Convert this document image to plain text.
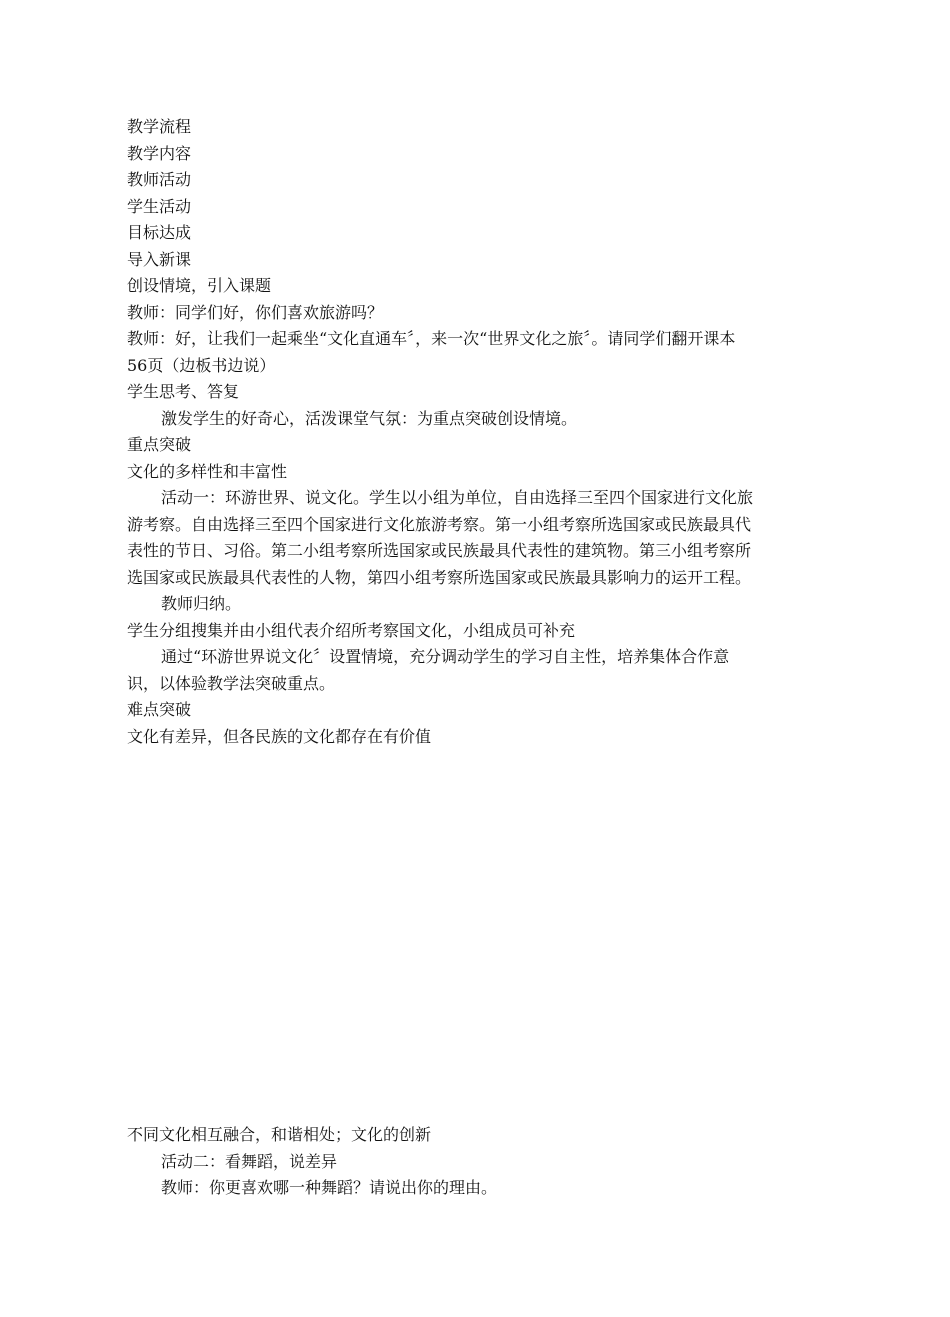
教学流程
教学内容
教师活动
学生活动
目标达成
导入新课
创设情境，引入课题
教师：同学们好，你们喜欢旅游吗？
教师：好，让我们一起乘坐“文化直通车〞，来一次“世界文化之旅〞。请同学们翻开课本
56页（边板书边说）
学生思考、答复
激发学生的好奇心，活泼课堂气氛：为重点突破创设情境。
重点突破
文化的多样性和丰富性
活动一：环游世界、说文化。学生以小组为单位，自由选择三至四个国家进行文化旅
游考察。自由选择三至四个国家进行文化旅游考察。第一小组考察所选国家或民族最具代
表性的节日、习俗。第二小组考察所选国家或民族最具代表性的建筑物。第三小组考察所
选国家或民族最具代表性的人物，第四小组考察所选国家或民族最具影响力的运开工程。
教师归纳。
学生分组搜集并由小组代表介绍所考察国文化，小组成员可补充
通过“环游世界说文化〞设置情境，充分调动学生的学习自主性，培养集体合作意
识，以体验教学法突破重点。
难点突破
文化有差异，但各民族的文化都存在有价值
不同文化相互融合，和谐相处；文化的创新
活动二：看舞蹈，说差异
教师：你更喜欢哪一种舞蹈？请说出你的理由。
